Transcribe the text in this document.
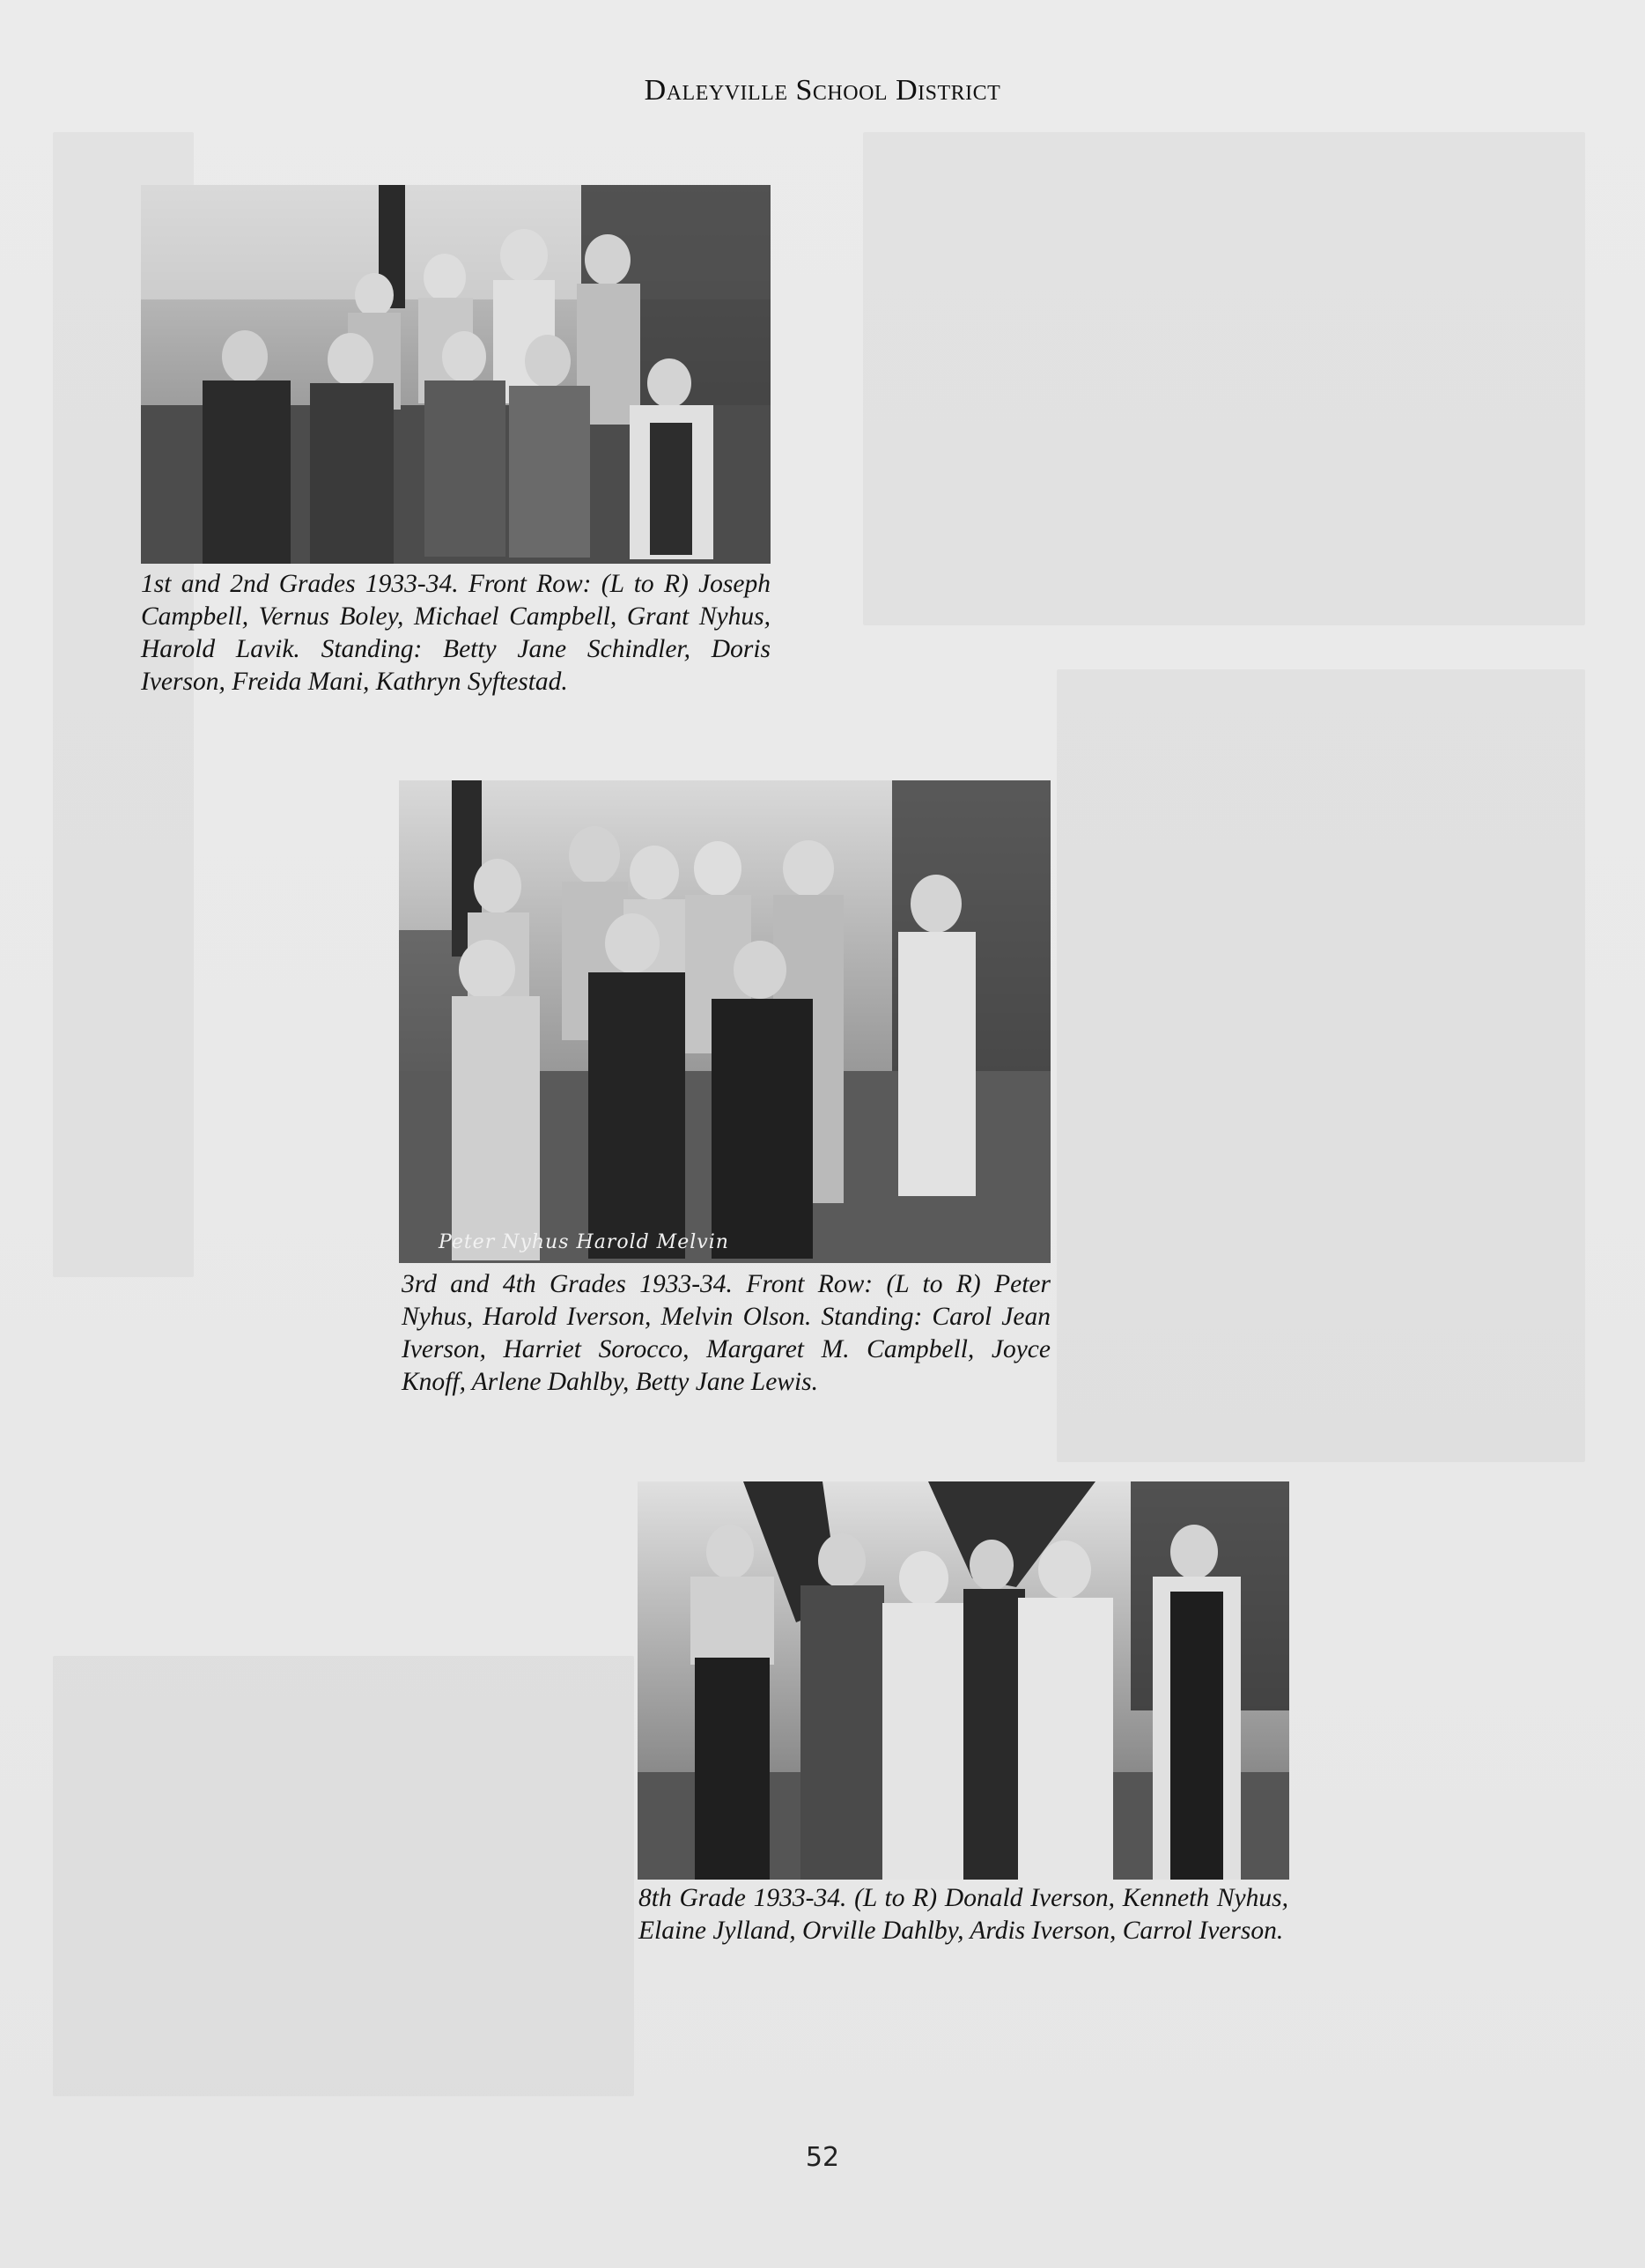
Daleyville School District
1st and 2nd Grades 1933-34. Front Row: (L to R) Joseph Campbell, Vernus Boley, Michael Campbell, Grant Nyhus, Harold Lavik. Standing: Betty Jane Schindler, Doris Iverson, Freida Mani, Kathryn Syftestad.
Peter Nyhus Harold Melvin
3rd and 4th Grades 1933-34. Front Row: (L to R) Peter Nyhus, Harold Iverson, Melvin Olson. Standing: Carol Jean Iverson, Harriet Sorocco, Margaret M. Campbell, Joyce Knoff, Arlene Dahlby, Betty Jane Lewis.
8th Grade 1933-34. (L to R) Donald Iverson, Kenneth Nyhus, Elaine Jylland, Orville Dahlby, Ardis Iverson, Carrol Iverson.
52
